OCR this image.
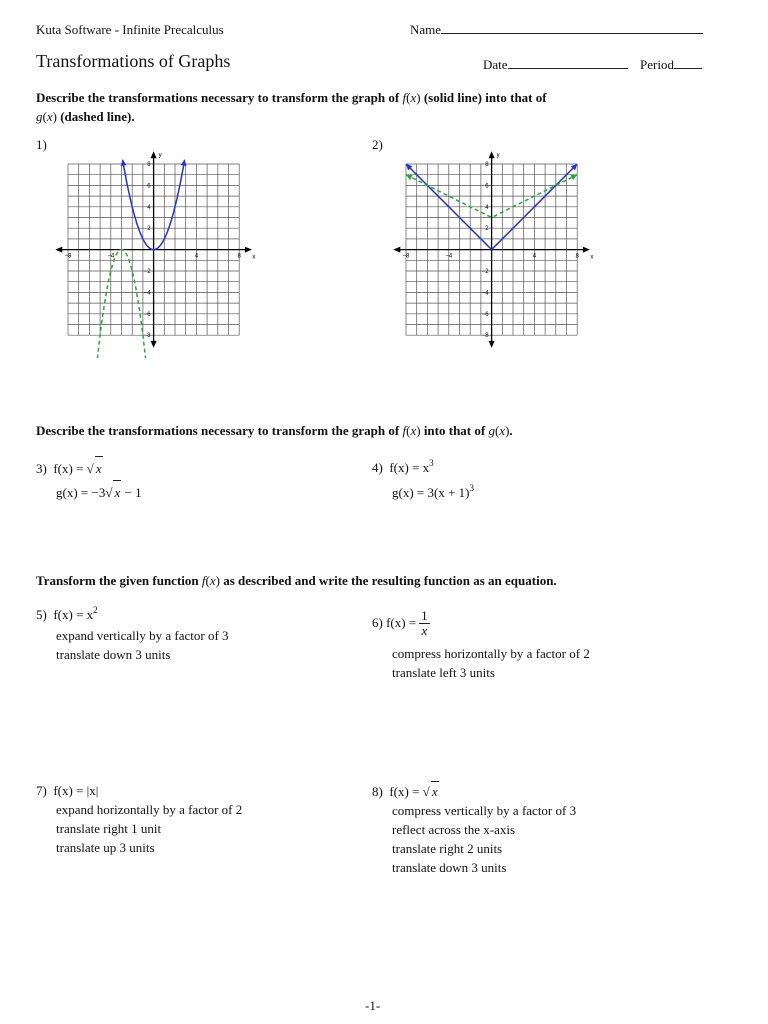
Kuta Software - Infinite Precalculus	Name
Transformations of Graphs	Date	Period
Describe the transformations necessary to transform the graph of f(x) (solid line) into that of
g(x) (dashed line).
1)	2)
x
y
−8	−4	4	8
2
4
6
8
−2
−4
−6
−8
x
y
−8	−4	4	8
2
4
6
8
−2
−4
−6
−8
Describe the transformations necessary to transform the graph of f(x) into that of g(x).
3) f(x) = √ x
g(x) = −3√ x − 1
4) $f(x) = x^3$
$g(x) = 3(x + 1)^3$
Transform the given function f(x) as described and write the resulting function as an equation.
5) $f(x) = x^2$
expand vertically by a factor of 3
translate down 3 units
6)
$f(x) = \frac{1}{x}$
compress horizontally by a factor of 2
translate left 3 units
7) f(x) = |x|
expand horizontally by a factor of 2
translate right 1 unit
translate up 3 units
8) f(x) = √ x
compress vertically by a factor of 3
reflect across the x-axis
translate right 2 units
translate down 3 units
-1-
